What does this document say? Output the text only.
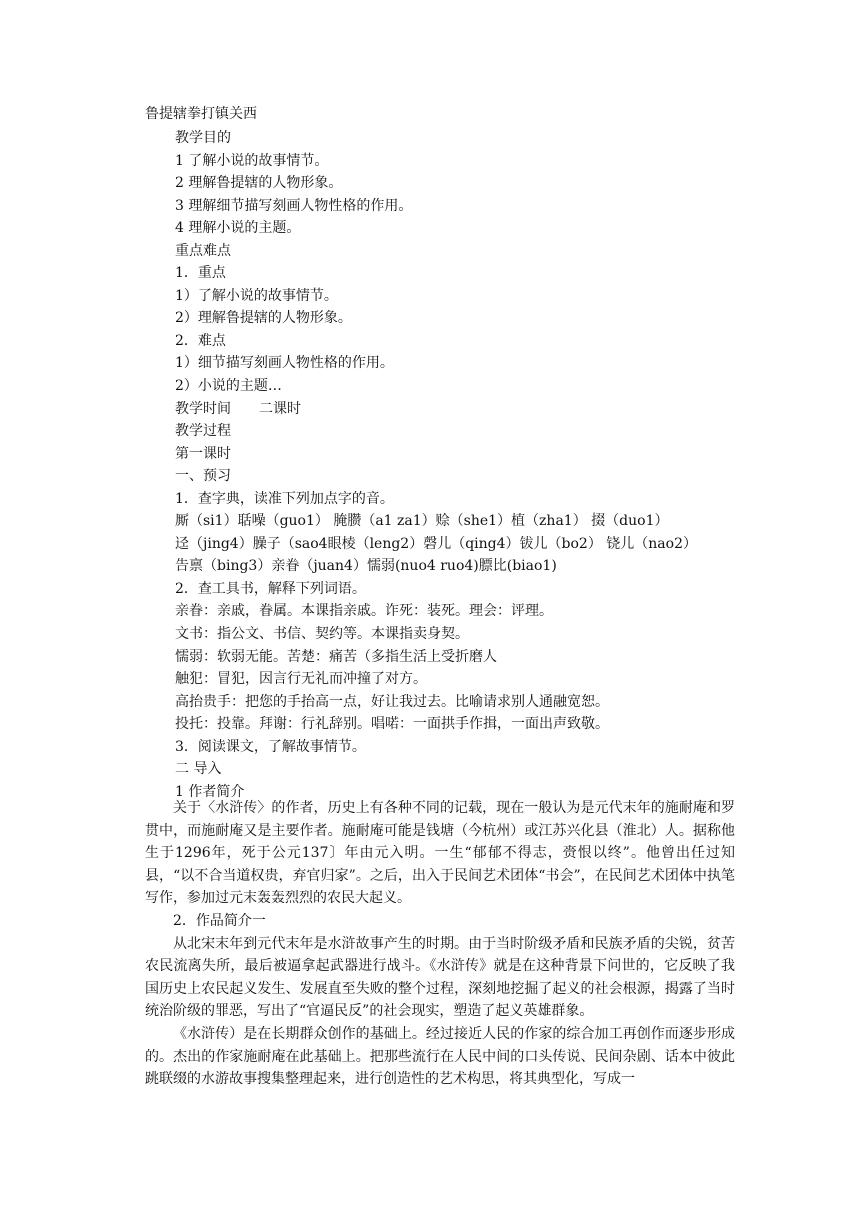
鲁提辖拳打镇关西
教学目的
1 了解小说的故事情节。
2 理解鲁提辖的人物形象。
3 理解细节描写刻画人物性格的作用。
4 理解小说的主题。
重点难点
1．重点
1）了解小说的故事情节。
2）理解鲁提辖的人物形象。
2．难点
1）细节描写刻画人物性格的作用。
2）小说的主题…
教学时间　　二课时
教学过程
第一课时
一、预习
1．查字典，读准下列加点字的音。
厮（si1）聒噪（guo1） 腌臜（a1 za1）赊（she1）植（zha1） 掇（duo1）
迳（jing4）臊子（sao4眼棱（leng2）磬儿（qing4）钹儿（bo2） 铙儿（nao2）
告禀（bing3）亲眷（juan4）懦弱(nuo4 ruo4)膘比(biao1)
2．查工具书，解释下列词语。
亲眷：亲戚，眷属。本课指亲戚。诈死：装死。理会：评理。
文书：指公文、书信、契约等。本课指卖身契。
懦弱：软弱无能。苦楚：痛苦（多指生活上受折磨人
触犯：冒犯，因言行无礼而冲撞了对方。
高抬贵手：把您的手抬高一点，好让我过去。比喻请求别人通融宽恕。
投托：投靠。拜谢：行礼辞别。唱喏：一面拱手作揖，一面出声致敬。
3．阅读课文，了解故事情节。
二 导入
1 作者简介

关于〈水浒传〉的作者，历史上有各种不同的记载，现在一般认为是元代末年的施耐庵和罗贯中，而施耐庵又是主要作者。施耐庵可能是钱塘（今杭州）或江苏兴化县（淮北）人。据称他生于1296年，死于公元137〕年由元入明。一生“郁郁不得志，赍恨以终”。他曾出任过知县，“以不合当道权贵，弃官归家”。之后，出入于民间艺术团体“书会”，在民间艺术团体中执笔写作，参加过元末轰轰烈烈的农民大起义。

2．作品简介一

从北宋末年到元代末年是水浒故事产生的时期。由于当时阶级矛盾和民族矛盾的尖锐，贫苦农民流离失所，最后被逼拿起武器进行战斗。《水浒传》就是在这种背景下问世的，它反映了我国历史上农民起义发生、发展直至失败的整个过程，深刻地挖掘了起义的社会根源，揭露了当时统治阶级的罪恶，写出了“官逼民反”的社会现实，塑造了起义英雄群象。

《水浒传）是在长期群众创作的基础上。经过接近人民的作家的综合加工再创作而逐步形成的。杰出的作家施耐庵在此基础上。把那些流行在人民中间的口头传说、民间杂剧、话本中彼此跳联缀的水游故事搜集整理起来，进行创造性的艺术构思，将其典型化，写成一
